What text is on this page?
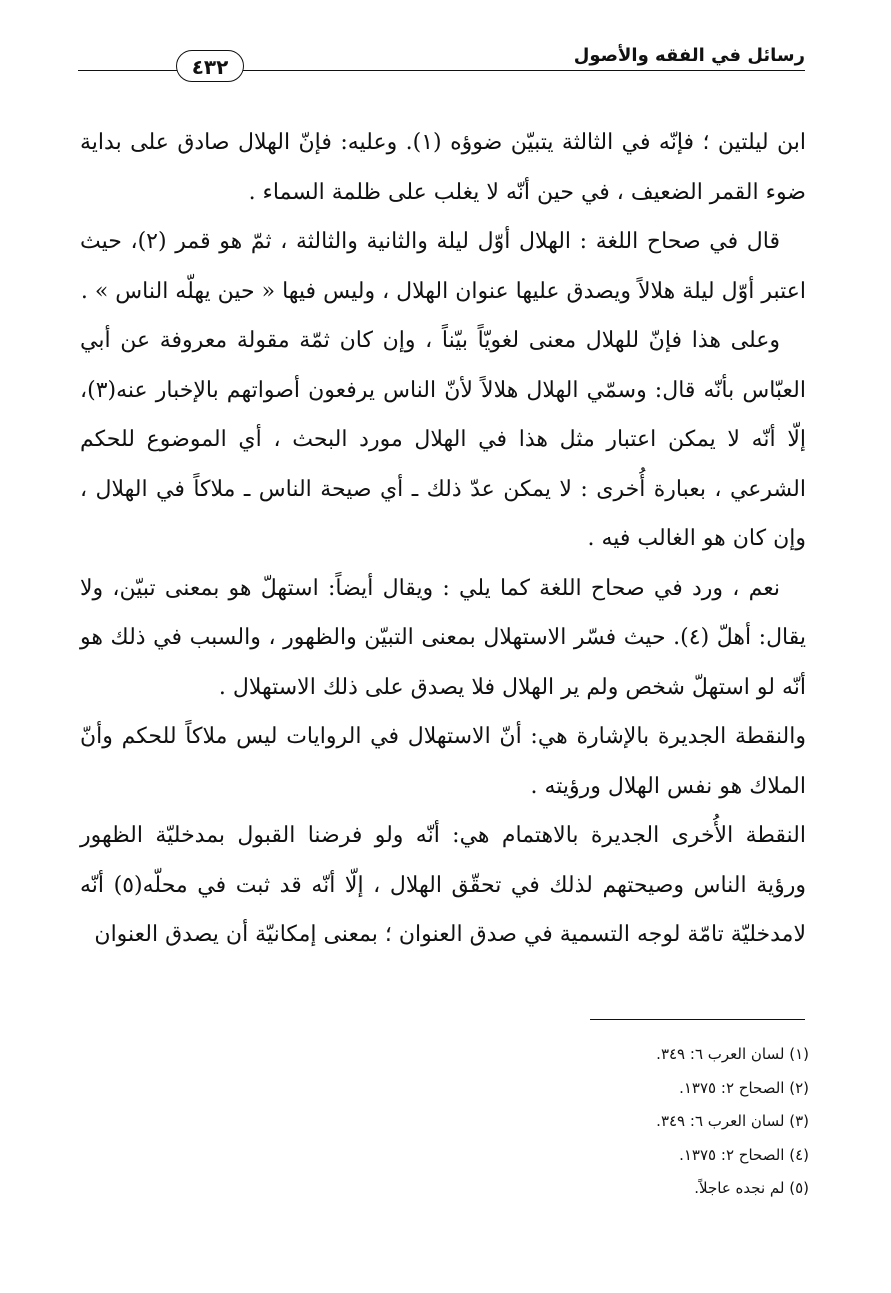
رسائل في الفقه والأصول
٤٣٢

ابن ليلتين ؛ فإنّه في الثالثة يتبيّن ضوؤه (١). وعليه: فإنّ الهلال صادق على بداية ضوء القمر الضعيف ، في حين أنّه لا يغلب على ظلمة السماء .

قال في صحاح اللغة : الهلال أوّل ليلة والثانية والثالثة ، ثمّ هو قمر (٢)، حيث اعتبر أوّل ليلة هلالاً ويصدق عليها عنوان الهلال ، وليس فيها « حين يهلّه الناس » .

وعلى هذا فإنّ للهلال معنى لغويّاً بيّناً ، وإن كان ثمّة مقولة معروفة عن أبي العبّاس بأنّه قال: وسمّي الهلال هلالاً لأنّ الناس يرفعون أصواتهم بالإخبار عنه(٣)، إلّا أنّه لا يمكن اعتبار مثل هذا في الهلال مورد البحث ، أي الموضوع للحكم الشرعي ، بعبارة أُخرى : لا يمكن عدّ ذلك ـ أي صيحة الناس ـ ملاكاً في الهلال ، وإن كان هو الغالب فيه .

نعم ، ورد في صحاح اللغة كما يلي : ويقال أيضاً: استهلّ هو بمعنى تبيّن، ولا يقال: أهلّ (٤). حيث فسّر الاستهلال بمعنى التبيّن والظهور ، والسبب في ذلك هو أنّه لو استهلّ شخص ولم ير الهلال فلا يصدق على ذلك الاستهلال .

والنقطة الجديرة بالإشارة هي: أنّ الاستهلال في الروايات ليس ملاكاً للحكم وأنّ الملاك هو نفس الهلال ورؤيته .

النقطة الأُخرى الجديرة بالاهتمام هي: أنّه ولو فرضنا القبول بمدخليّة الظهور ورؤية الناس وصيحتهم لذلك في تحقّق الهلال ، إلّا أنّه قد ثبت في محلّه(٥) أنّه لامدخليّة تامّة لوجه التسمية في صدق العنوان ؛ بمعنى إمكانيّة أن يصدق العنوان

(١) لسان العرب ٦: ٣٤٩.

(٢) الصحاح ٢: ١٣٧٥.

(٣) لسان العرب ٦: ٣٤٩.

(٤) الصحاح ٢: ١٣٧٥.

(٥) لم نجده عاجلاً.
